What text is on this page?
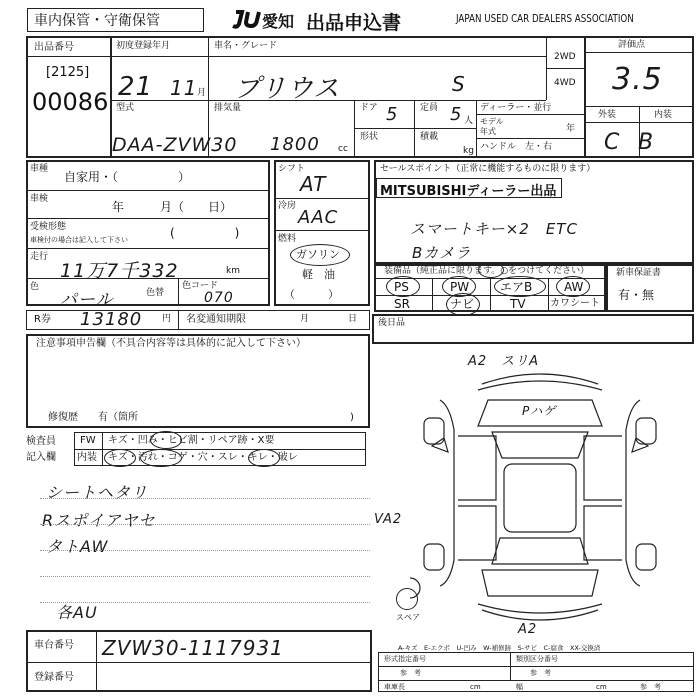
車内保管・守衛保管	愛知 出品申込書	JAPAN USED CAR DEALERS ASSOCIATION
出品番号
[2125]
00086
初度登録年月
21 11 月
型式
DAA-ZVW30
車名・グレード
プリウス	S
排気量
1800 cc
ドア 5 定員 5 人
形状	積載
kg
ディーラー・並行
モデル年式	年
ハンドル　左・右
2WD
4WD
評価点
3.5
外装	内装
C B
車種
自家用・（　　　　　）
車検
年　　　月（　　日）
受検形態
車検付の場合は記入して下さい	(　　　　　)
走行
11万7千332	km
色
パール	色替
色コード
070
R券 13180 円 名変通知期限	月	日
シフト
AT
冷房
AAC
燃料
ガソリン
軽　油
（　　　）
セールスポイント（正常に機能するものに限ります）
MITSUBISHIディーラー出品
スマートキー×2　ETC
Bカメラ
装備品（純正品に限ります。○をつけてください）
PS	PW	エアB	AW
SR	ナビ	TV カワシート
新車保証書
有・無
後日品
注意事項申告欄（不具合内容等は具体的に記入して下さい）
修復歴　　有（箇所	)
検査員
記入欄
FW キズ・凹み・ヒビ割・リペア跡・X要
内装 キズ・汚れ・コゲ・穴・スレ・キレ・破レ
シートヘタリ
Rスポイアヤセ
タトAW
各AU
A2　スリA
Pハゲ
VA2
A2
スペア
A-キズ　E-エクボ　U-凹み　W-補修跡　S-サビ　C-腐食　XX-交換済
車台番号 ZVW30-1117931
登録番号
形式指定番号
参　考
類別区分番号
参　考
車庫長	cm	幅	cm	参　考
